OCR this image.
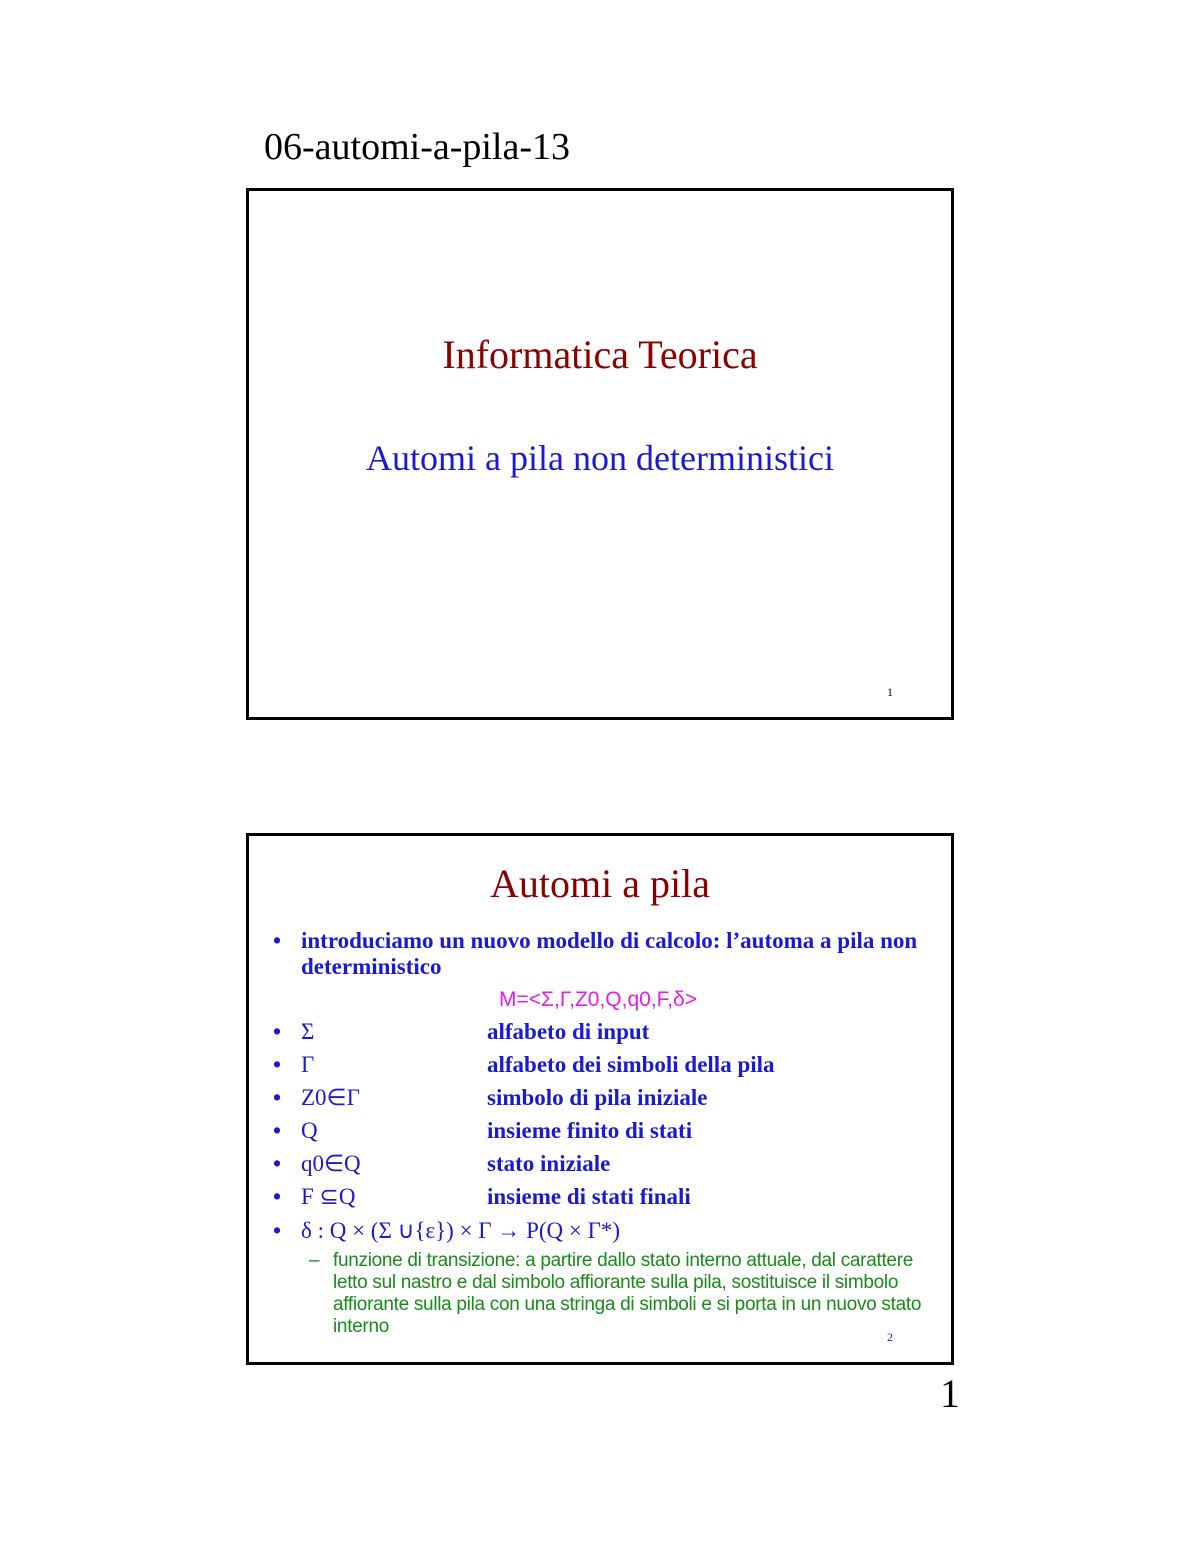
06-automi-a-pila-13
Informatica Teorica
Automi a pila non deterministici
1
Automi a pila
• introduciamo un nuovo modello di calcolo: l’automa a pila non deterministico
M=<Σ,Γ,Z0,Q,q0,F,δ>
• Σ	alfabeto di input
• Γ	alfabeto dei simboli della pila
• Z0∈Γ	simbolo di pila iniziale
• Q	insieme finito di stati
• q0∈Q	stato iniziale
• F ⊆Q	insieme di stati finali
• δ : Q × (Σ ∪{ε}) × Γ → P(Q × Γ*)
– funzione di transizione: a partire dallo stato interno attuale, dal carattere letto sul nastro e dal simbolo affiorante sulla pila, sostituisce il simbolo affiorante sulla pila con una stringa di simboli e si porta in un nuovo stato interno	2
1
